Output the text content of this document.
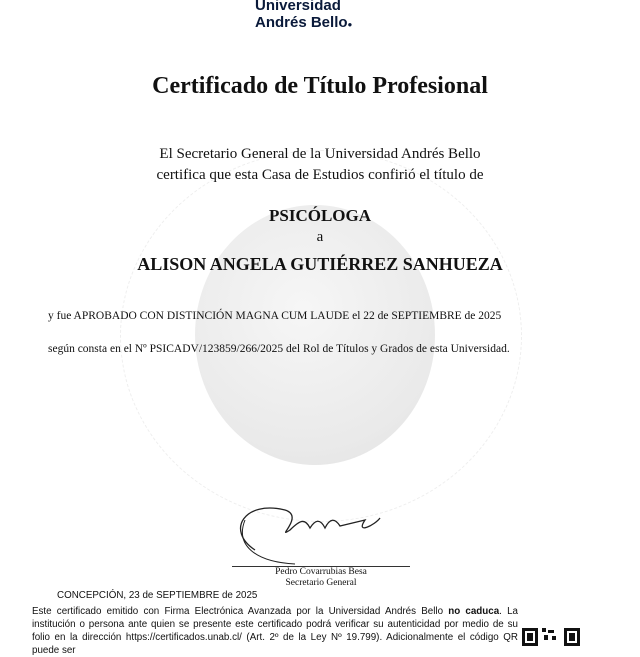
Universidad
Andrés Bello●
Certificado de Título Profesional
El Secretario General de la Universidad Andrés Bello
certifica que esta Casa de Estudios confirió el título de
PSICÓLOGA
a
ALISON ANGELA GUTIÉRREZ SANHUEZA
y fue APROBADO CON DISTINCIÓN MAGNA CUM LAUDE el 22 de SEPTIEMBRE de 2025
según consta en el Nº PSICADV/123859/266/2025 del Rol de Títulos y Grados de esta Universidad.
Pedro Covarrubias Besa
Secretario General
CONCEPCIÓN, 23 de SEPTIEMBRE de 2025
Este certificado emitido con Firma Electrónica Avanzada por la Universidad Andrés Bello no caduca. La institución o persona ante quien se presente este certificado podrá verificar su autenticidad por medio de su folio en la dirección https://certificados.unab.cl/ (Art. 2º de la Ley Nº 19.799). Adicionalmente el código QR puede ser
